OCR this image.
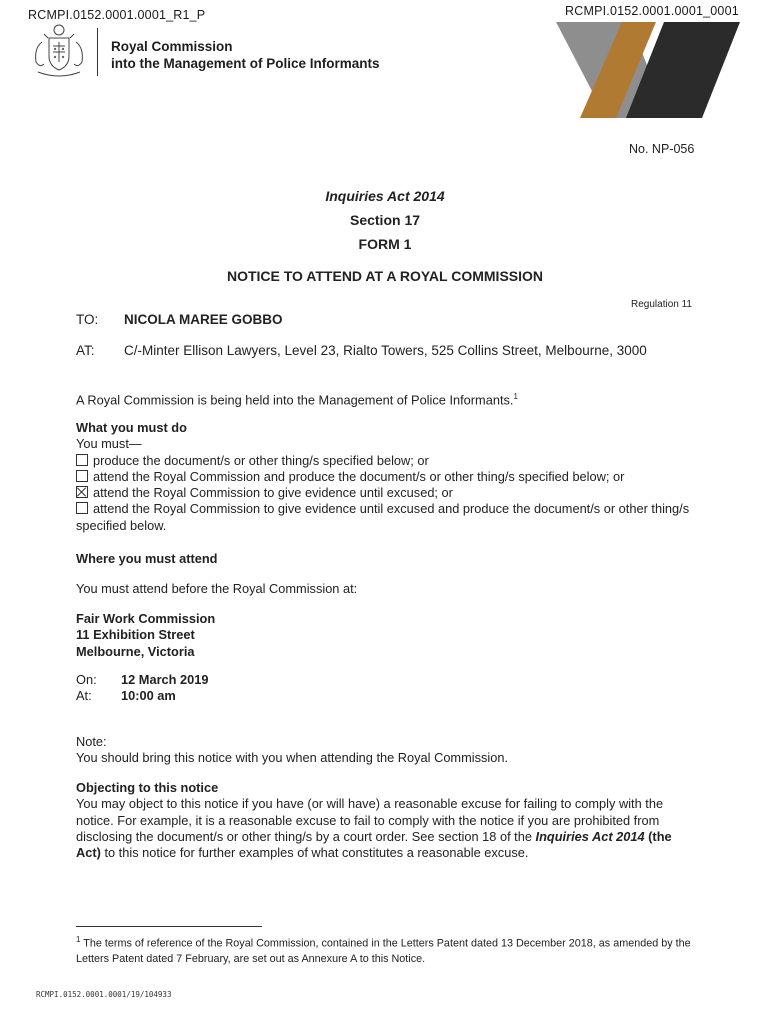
RCMPI.0152.0001.0001_R1_P	RCMPI.0152.0001.0001_0001
Royal Commission
into the Management of Police Informants
No. NP-056
Inquiries Act 2014
Section 17
FORM 1
NOTICE TO ATTEND AT A ROYAL COMMISSION
Regulation 11
TO: NICOLA MAREE GOBBO
AT: C/-Minter Ellison Lawyers, Level 23, Rialto Towers, 525 Collins Street, Melbourne, 3000
A Royal Commission is being held into the Management of Police Informants.$^1$
What you must do
You must—
produce the document/s or other thing/s specified below; or
attend the Royal Commission and produce the document/s or other thing/s specified below; or
attend the Royal Commission to give evidence until excused; or
attend the Royal Commission to give evidence until excused and produce the document/s or other thing/s specified below.
Where you must attend
You must attend before the Royal Commission at:
Fair Work Commission
11 Exhibition Street
Melbourne, Victoria
On: 12 March 2019
At: 10:00 am
Note:
You should bring this notice with you when attending the Royal Commission.
Objecting to this notice
You may object to this notice if you have (or will have) a reasonable excuse for failing to comply with the notice. For example, it is a reasonable excuse to fail to comply with the notice if you are prohibited from disclosing the document/s or other thing/s by a court order. See section 18 of the Inquiries Act 2014 (the Act) to this notice for further examples of what constitutes a reasonable excuse.
$^1$ The terms of reference of the Royal Commission, contained in the Letters Patent dated 13 December 2018, as amended by the Letters Patent dated 7 February, are set out as Annexure A to this Notice.
RCMPI.0152.0001.0001/19/104933
